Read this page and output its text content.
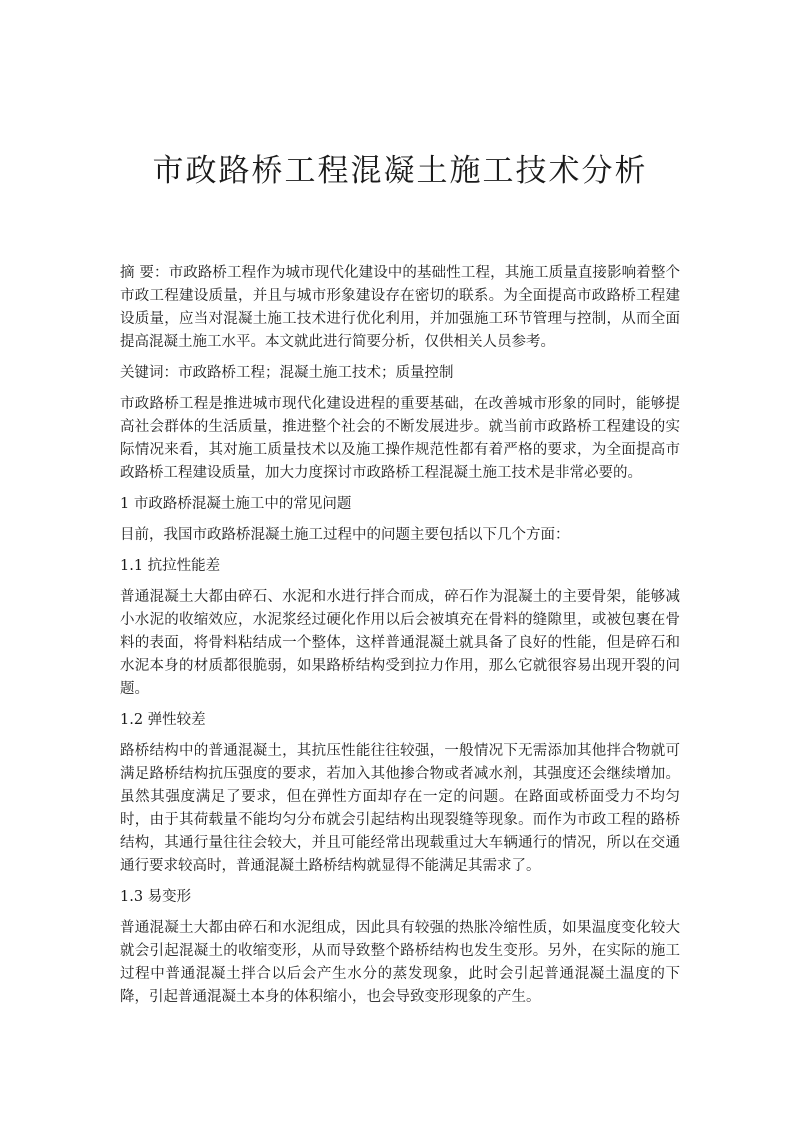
市政路桥工程混凝土施工技术分析

摘 要：市政路桥工程作为城市现代化建设中的基础性工程，其施工质量直接影响着整个市政工程建设质量，并且与城市形象建设存在密切的联系。为全面提高市政路桥工程建设质量，应当对混凝土施工技术进行优化利用，并加强施工环节管理与控制，从而全面提高混凝土施工水平。本文就此进行简要分析，仅供相关人员参考。

关键词：市政路桥工程；混凝土施工技术；质量控制

市政路桥工程是推进城市现代化建设进程的重要基础，在改善城市形象的同时，能够提高社会群体的生活质量，推进整个社会的不断发展进步。就当前市政路桥工程建设的实际情况来看，其对施工质量技术以及施工操作规范性都有着严格的要求，为全面提高市政路桥工程建设质量，加大力度探讨市政路桥工程混凝土施工技术是非常必要的。

1 市政路桥混凝土施工中的常见问题

目前，我国市政路桥混凝土施工过程中的问题主要包括以下几个方面：

1.1 抗拉性能差

普通混凝土大都由碎石、水泥和水进行拌合而成，碎石作为混凝土的主要骨架，能够减小水泥的收缩效应，水泥浆经过硬化作用以后会被填充在骨料的缝隙里，或被包裹在骨料的表面，将骨料粘结成一个整体，这样普通混凝土就具备了良好的性能，但是碎石和水泥本身的材质都很脆弱，如果路桥结构受到拉力作用，那么它就很容易出现开裂的问题。

1.2 弹性较差

路桥结构中的普通混凝土，其抗压性能往往较强，一般情况下无需添加其他拌合物就可满足路桥结构抗压强度的要求，若加入其他掺合物或者减水剂，其强度还会继续增加。虽然其强度满足了要求，但在弹性方面却存在一定的问题。在路面或桥面受力不均匀时，由于其荷载量不能均匀分布就会引起结构出现裂缝等现象。而作为市政工程的路桥结构，其通行量往往会较大，并且可能经常出现载重过大车辆通行的情况，所以在交通通行要求较高时，普通混凝土路桥结构就显得不能满足其需求了。

1.3 易变形

普通混凝土大都由碎石和水泥组成，因此具有较强的热胀冷缩性质，如果温度变化较大就会引起混凝土的收缩变形，从而导致整个路桥结构也发生变形。另外，在实际的施工过程中普通混凝土拌合以后会产生水分的蒸发现象，此时会引起普通混凝土温度的下降，引起普通混凝土本身的体积缩小，也会导致变形现象的产生。
